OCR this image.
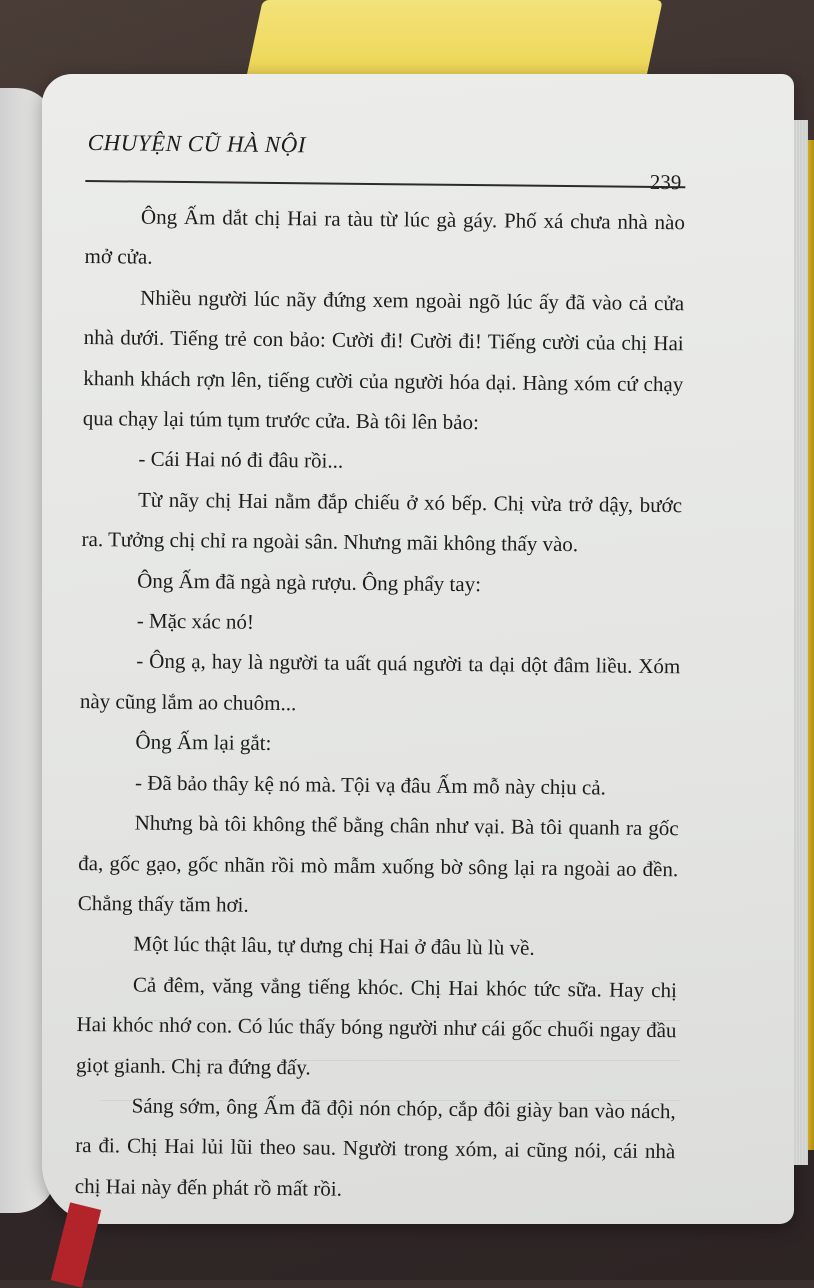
CHUYỆN CŨ HÀ NỘI
239

Ông Ấm dắt chị Hai ra tàu từ lúc gà gáy. Phố xá chưa nhà nào mở cửa.

Nhiều người lúc nãy đứng xem ngoài ngõ lúc ấy đã vào cả cửa nhà dưới. Tiếng trẻ con bảo: Cười đi! Cười đi! Tiếng cười của chị Hai khanh khách rợn lên, tiếng cười của người hóa dại. Hàng xóm cứ chạy qua chạy lại túm tụm trước cửa. Bà tôi lên bảo:

- Cái Hai nó đi đâu rồi...

Từ nãy chị Hai nằm đắp chiếu ở xó bếp. Chị vừa trở dậy, bước ra. Tưởng chị chỉ ra ngoài sân. Nhưng mãi không thấy vào.

Ông Ấm đã ngà ngà rượu. Ông phẩy tay:

- Mặc xác nó!

- Ông ạ, hay là người ta uất quá người ta dại dột đâm liều. Xóm này cũng lắm ao chuôm...

Ông Ấm lại gắt:

- Đã bảo thây kệ nó mà. Tội vạ đâu Ấm mỗ này chịu cả.

Nhưng bà tôi không thể bằng chân như vại. Bà tôi quanh ra gốc đa, gốc gạo, gốc nhãn rồi mò mẫm xuống bờ sông lại ra ngoài ao đền. Chẳng thấy tăm hơi.

Một lúc thật lâu, tự dưng chị Hai ở đâu lù lù về.

Cả đêm, văng vẳng tiếng khóc. Chị Hai khóc tức sữa. Hay chị Hai khóc nhớ con. Có lúc thấy bóng người như cái gốc chuối ngay đầu giọt gianh. Chị ra đứng đấy.

Sáng sớm, ông Ấm đã đội nón chóp, cắp đôi giày ban vào nách, ra đi. Chị Hai lủi lũi theo sau. Người trong xóm, ai cũng nói, cái nhà chị Hai này đến phát rồ mất rồi.
